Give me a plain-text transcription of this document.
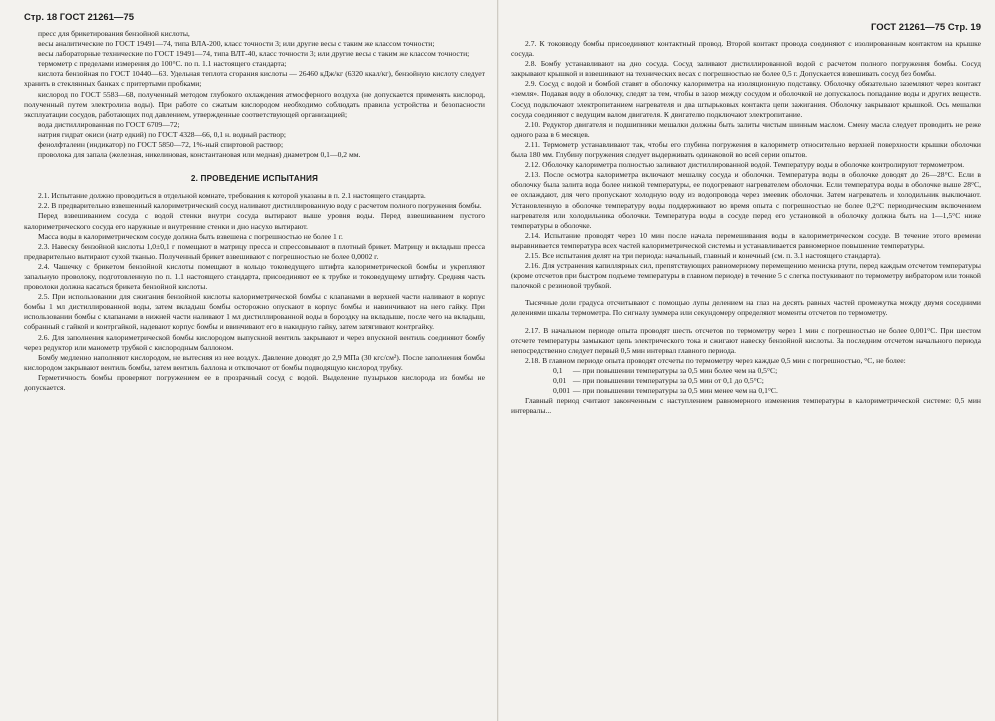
Стр. 18 ГОСТ 21261—75

пресс для брикетирования бензойной кислоты,

весы аналитические по ГОСТ 19491—74, типа ВЛА-200, класс точности 3; или другие весы с таким же классом точности;

весы лабораторные технические по ГОСТ 19491—74, типа ВЛТ-40, класс точности 3; или другие весы с таким же классом точности;

термометр с пределами измерения до 100°С. по п. 1.1 настоящего стандарта;

кислота бензойная по ГОСТ 10440—63. Удельная теплота сгорания кислоты — 26460 кДж/кг (6320 ккал/кг), бензойную кислоту следует хранить в стеклянных банках с притертыми пробками;

кислород по ГОСТ 5583—68, полученный методом глубокого охлаждения атмосферного воздуха (не допускается применять кислород, полученный путем электролиза воды). При работе со сжатым кислородом необходимо соблюдать правила устройства и безопасности эксплуатации сосудов, работающих под давлением, утвержденные соответствующей организацией;

вода дистиллированная по ГОСТ 6709—72;

натрия гидрат окиси (натр едкий) по ГОСТ 4328—66, 0,1 н. водный раствор;

фенолфталеин (индикатор) по ГОСТ 5850—72, 1%-ный спиртовой раствор;

проволока для запала (железная, никелиновая, константановая или медная) диаметром 0,1—0,2 мм.

2. ПРОВЕДЕНИЕ ИСПЫТАНИЯ

2.1. Испытание должно проводиться в отдельной комнате, требования к которой указаны в п. 2.1 настоящего стандарта.

2.2. В предварительно взвешенный калориметрический сосуд наливают дистиллированную воду с расчетом полного погружения бомбы.

Перед взвешиванием сосуда с водой стенки внутри сосуда вытирают выше уровня воды. Перед взвешиванием пустого калориметрического сосуда его наружные и внутренние стенки и дно насухо вытирают.

Масса воды в калориметрическом сосуде должна быть взвешена с погрешностью не более 1 г.

2.3. Навеску бензойной кислоты 1,0±0,1 г помещают в матрицу пресса и спрессовывают в плотный брикет. Матрицу и вкладыш пресса предварительно вытирают сухой тканью. Полученный брикет взвешивают с погрешностью не более 0,0002 г.

2.4. Чашечку с брикетом бензойной кислоты помещают в кольцо токоведущего штифта калориметрической бомбы и укрепляют запальную проволоку, подготовленную по п. 1.1 настоящего стандарта, присоединяют ее к трубке и токоведущему штифту. Средняя часть проволоки должна касаться брикета бензойной кислоты.

2.5. При использовании для сжигания бензойной кислоты калориметрической бомбы с клапанами в верхней части наливают в корпус бомбы 1 мл дистиллированной воды, затем вкладыш бомбы осторожно опускают в корпус бомбы и навинчивают на него гайку. При использовании бомбы с клапанами в нижней части наливают 1 мл дистиллированной воды в бороздку на вкладыше, после чего на вкладыш, собранный с гайкой и контргайкой, надевают корпус бомбы и ввинчивают его в накидную гайку, затем затягивают контргайку.

2.6. Для заполнения калориметрической бомбы кислородом выпускной вентиль закрывают и через впускной вентиль соединяют бомбу через редуктор или манометр трубкой с кислородным баллоном.

Бомбу медленно наполняют кислородом, не вытесняя из нее воздух. Давление доводят до 2,9 МПа (30 кгс/см²). После заполнения бомбы кислородом закрывают вентиль бомбы, затем вентиль баллона и отключают от бомбы подводящую кислород трубку.

Герметичность бомбы проверяют погружением ее в прозрачный сосуд с водой. Выделение пузырьков кислорода из бомбы не допускается.

ГОСТ 21261—75 Стр. 19

2.7. К токовводу бомбы присоединяют контактный провод. Второй контакт провода соединяют с изолированным контактом на крышке сосуда.

2.8. Бомбу устанавливают на дно сосуда. Сосуд заливают дистиллированной водой с расчетом полного погружения бомбы. Сосуд закрывают крышкой и взвешивают на технических весах с погрешностью не более 0,5 г. Допускается взвешивать сосуд без бомбы.

2.9. Сосуд с водой и бомбой ставят в оболочку калориметра на изоляционную подставку. Оболочку обязательно заземляют через контакт «земля». Подавая воду в оболочку, следят за тем, чтобы в зазор между сосудом и оболочкой не допускалось попадание воды и других веществ. Сосуд подключают электропитанием нагревателя и два штырьковых контакта цепи зажигания. Оболочку закрывают крышкой. Ось мешалки сосуда соединяют с ведущим валом двигателя. К двигателю подключают электропитание.

2.10. Редуктор двигателя и подшипники мешалки должны быть залиты чистым шинным маслом. Смену масла следует проводить не реже одного раза в 6 месяцев.

2.11. Термометр устанавливают так, чтобы его глубина погружения в калориметр относительно верхней поверхности крышки оболочки была 180 мм. Глубину погружения следует выдерживать одинаковой во всей серии опытов.

2.12. Оболочку калориметра полностью заливают дистиллированной водой. Температуру воды в оболочке контролируют термометром.

2.13. После осмотра калориметра включают мешалку сосуда и оболочки. Температура воды в оболочке доводят до 26—28°С. Если в оболочку была залита вода более низкой температуры, ее подогревают нагревателем оболочки. Если температура воды в оболочке выше 28°С, ее охлаждают, для чего пропускают холодную воду из водопровода через змеевик оболочки. Затем нагреватель и холодильник выключают. Установленную в оболочке температуру воды поддерживают во время опыта с погрешностью не более 0,2°С периодическим включением нагревателя или холодильника оболочки. Температура воды в сосуде перед его установкой в оболочку должна быть на 1—1,5°С ниже температуры в оболочке.

2.14. Испытание проводят через 10 мин после начала перемешивания воды в калориметрическом сосуде. В течение этого времени выравнивается температура всех частей калориметрической системы и устанавливается равномерное повышение температуры.

2.15. Все испытания делят на три периода: начальный, главный и конечный (см. п. 3.1 настоящего стандарта).

2.16. Для устранения капиллярных сил, препятствующих равномерному перемещению мениска ртути, перед каждым отсчетом температуры (кроме отсчетов при быстром подъеме температуры в главном периоде) в течение 5 с слегка постукивают по термометру вибратором или тонкой палочкой с резиновой трубкой.

Тысячные доли градуса отсчитывают с помощью лупы делением на глаз на десять равных частей промежутка между двумя соседними делениями шкалы термометра. По сигналу зуммера или секундомеру определяют моменты отсчетов по термометру.

2.17. В начальном периоде опыта проводят шесть отсчетов по термометру через 1 мин с погрешностью не более 0,001°С. При шестом отсчете температуры замыкают цепь электрического тока и сжигают навеску бензойной кислоты. За последним отсчетом начального периода непосредственно следует первый 0,5 мин интервал главного периода.

2.18. В главном периоде опыта проводят отсчеты по термометру через каждые 0,5 мин с погрешностью, °С, не более:

0,1 — при повышении температуры за 0,5 мин более чем на 0,5°С;

0,01 — при повышении температуры за 0,5 мин от 0,1 до 0,5°С;

0,001 — при повышении температуры за 0,5 мин менее чем на 0,1°С.

Главный период считают законченным с наступлением равномерного изменения температуры в калориметрической системе: 0,5 мин интервалы...
